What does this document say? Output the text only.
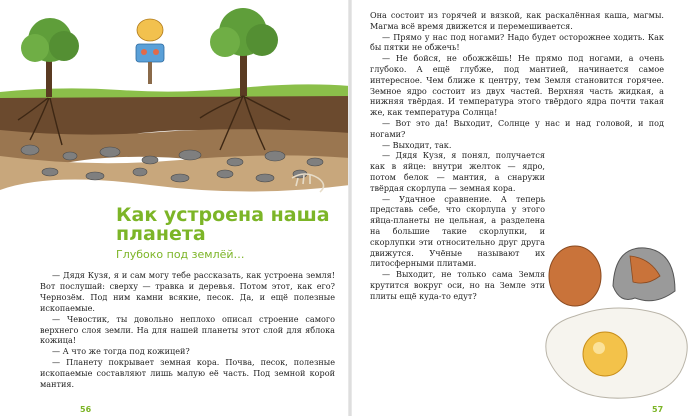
Как устроена наша планета
Глубоко под землёй…

— Дядя Кузя, я и сам могу тебе рассказать, как устроена земля! Вот послушай: сверху — травка и деревья. Потом этот, как его? Чернозём. Под ним камни всякие, песок. Да, и ещё полезные ископаемые.

— Чевостик, ты довольно неплохо описал строение самого верхнего слоя земли. На для нашей планеты этот слой для яблока кожица!

— А что же тогда под кожицей?

— Планету покрывает земная кора. Почва, песок, полезные ископаемые составляют лишь малую её часть. Под земной корой мантия.

56

Она состоит из горячей и вязкой, как раскалённая каша, магмы. Магма всё время движется и перемешивается.

— Прямо у нас под ногами? Надо будет осторожнее ходить. Как бы пятки не обжечь!

— Не бойся, не обожжёшь! Не прямо под ногами, а очень глубоко. А ещё глубже, под мантией, начинается самое интересное. Чем ближе к центру, тем Земля становится горячее. Земное ядро состоит из двух частей. Верхняя часть жидкая, а нижняя твёрдая. И температура этого твёрдого ядра почти такая же, как температура Солнца!

— Вот это да! Выходит, Солнце у нас и над головой, и под ногами?

— Выходит, так.

— Дядя Кузя, я понял, получается как в яйце: внутри желток — ядро, потом белок — мантия, а снаружи твёрдая скорлупа — земная кора.

— Удачное сравнение. А теперь представь себе, что скорлупа у этого яйца-планеты не цельная, а разделена на большие такие скорлупки, и скорлупки эти относительно друг друга движутся. Учёные называют их литосферными плитами.

— Выходит, не только сама Земля крутится вокруг оси, но на Земле эти плиты ещё куда-то едут?

57
